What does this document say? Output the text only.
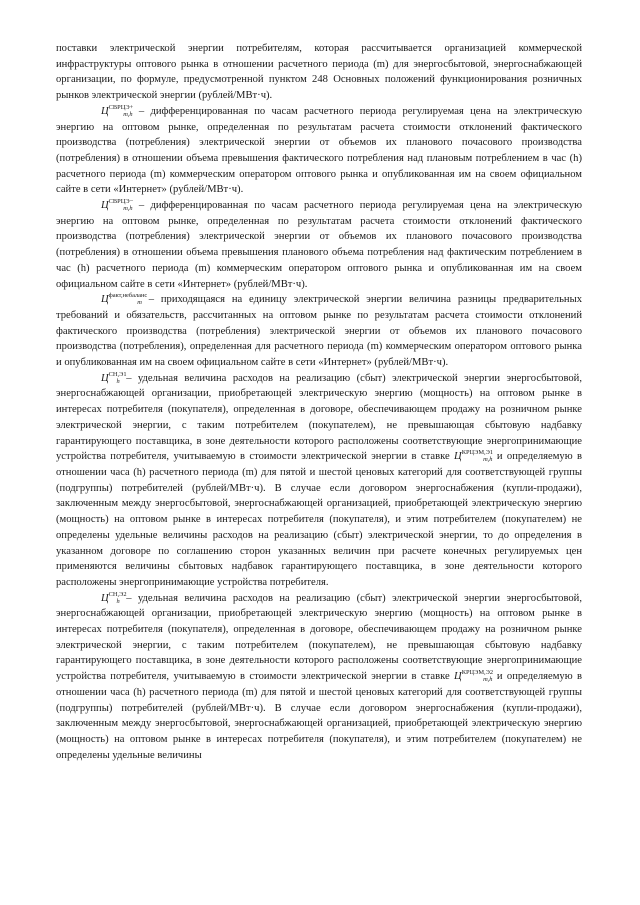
поставки электрической энергии потребителям, которая рассчитывается организацией коммерческой инфраструктуры оптового рынка в отношении расчетного периода (m) для энергосбытовой, энергоснабжающей организации, по формуле, предусмотренной пунктом 248 Основных положений функционирования розничных рынков электрической энергии (рублей/МВт·ч).

$Ц^{СВРЦЭ+}_{m,h}$ – дифференцированная по часам расчетного периода регулируемая цена на электрическую энергию на оптовом рынке, определенная по результатам расчета стоимости отклонений фактического производства (потребления) электрической энергии от объемов их планового почасового производства (потребления) в отношении объема превышения фактического потребления над плановым потреблением в час (h) расчетного периода (m) коммерческим оператором оптового рынка и опубликованная им на своем официальном сайте в сети «Интернет» (рублей/МВт·ч).

$Ц^{СВРЦЭ-}_{m,h}$ – дифференцированная по часам расчетного периода регулируемая цена на электрическую энергию на оптовом рынке, определенная по результатам расчета стоимости отклонений фактического производства (потребления) электрической энергии от объемов их планового почасового производства (потребления) в отношении объема превышения планового объема потребления над фактическим потреблением в час (h) расчетного периода (m) коммерческим оператором оптового рынка и опубликованная им на своем официальном сайте в сети «Интернет» (рублей/МВт·ч).

$Ц^{факт,небаланс}_m$ – приходящаяся на единицу электрической энергии величина разницы предварительных требований и обязательств, рассчитанных на оптовом рынке по результатам расчета стоимости отклонений фактического производства (потребления) электрической энергии от объемов их планового почасового производства (потребления), определенная для расчетного периода (m) коммерческим оператором оптового рынка и опубликованная им на своем официальном сайте в сети «Интернет» (рублей/МВт·ч).

$Ц^{СН,Э1}_h$ – удельная величина расходов на реализацию (сбыт) электрической энергии энергосбытовой, энергоснабжающей организации, приобретающей электрическую энергию (мощность) на оптовом рынке в интересах потребителя (покупателя), определенная в договоре, обеспечивающем продажу на розничном рынке электрической энергии, с таким потребителем (покупателем), не превышающая сбытовую надбавку гарантирующего поставщика, в зоне деятельности которого расположены соответствующие энергопринимающие устройства потребителя, учитываемую в стоимости электрической энергии в ставке $Ц^{КРЦЭМ,Э1}_{m,h}$ и определяемую в отношении часа (h) расчетного периода (m) для пятой и шестой ценовых категорий для соответствующей группы (подгруппы) потребителей (рублей/МВт·ч). В случае если договором энергоснабжения (купли-продажи), заключенным между энергосбытовой, энергоснабжающей организацией, приобретающей электрическую энергию (мощность) на оптовом рынке в интересах потребителя (покупателя), и этим потребителем (покупателем) не определены удельные величины расходов на реализацию (сбыт) электрической энергии, то до определения в указанном договоре по соглашению сторон указанных величин при расчете конечных регулируемых цен применяются величины сбытовых надбавок гарантирующего поставщика, в зоне деятельности которого расположены энергопринимающие устройства потребителя.

$Ц^{СН,Э2}_h$ – удельная величина расходов на реализацию (сбыт) электрической энергии энергосбытовой, энергоснабжающей организации, приобретающей электрическую энергию (мощность) на оптовом рынке в интересах потребителя (покупателя), определенная в договоре, обеспечивающем продажу на розничном рынке электрической энергии, с таким потребителем (покупателем), не превышающая сбытовую надбавку гарантирующего поставщика, в зоне деятельности которого расположены соответствующие энергопринимающие устройства потребителя, учитываемую в стоимости электрической энергии в ставке $Ц^{КРЦЭМ,Э2}_{m,h}$ и определяемую в отношении часа (h) расчетного периода (m) для пятой и шестой ценовых категорий для соответствующей группы (подгруппы) потребителей (рублей/МВт·ч). В случае если договором энергоснабжения (купли-продажи), заключенным между энергосбытовой, энергоснабжающей организацией, приобретающей электрическую энергию (мощность) на оптовом рынке в интересах потребителя (покупателя), и этим потребителем (покупателем) не определены удельные величины
